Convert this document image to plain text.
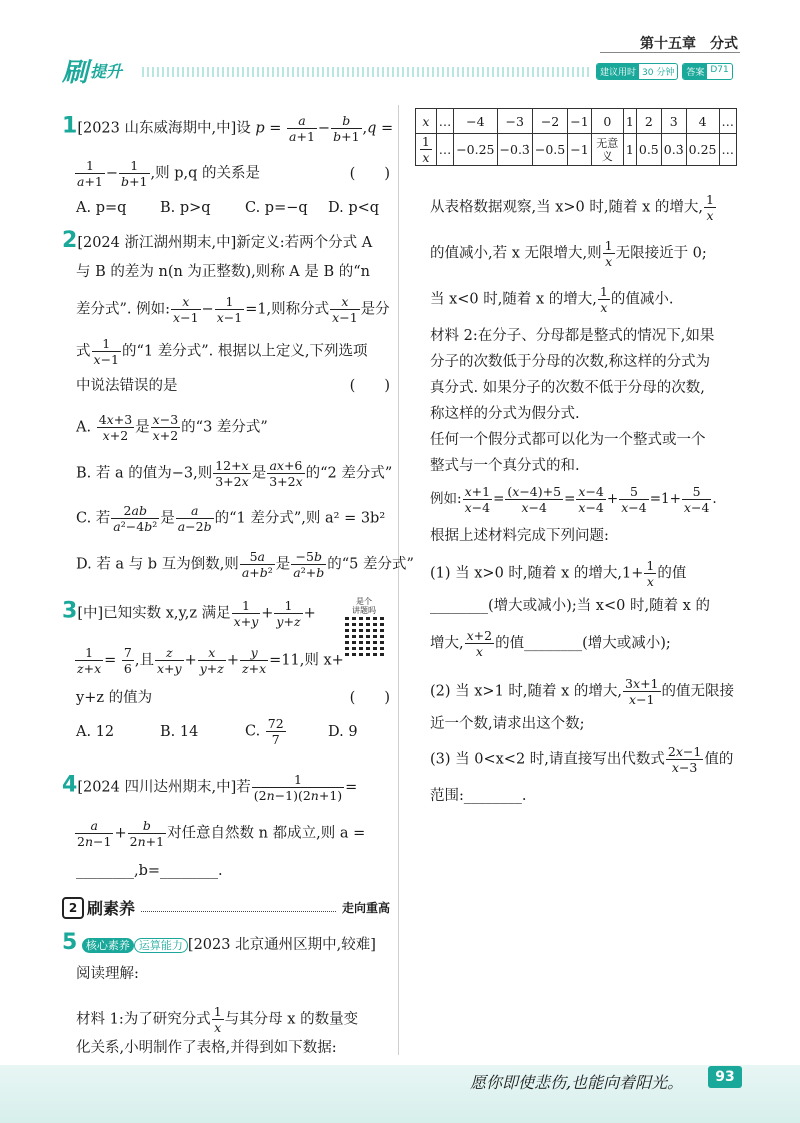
第十五章　分式
刷 提升	建议用时 30 分钟	答案 D71
1[2023 山东威海期中,中]设 $p = \frac{a}{a+1} - \frac{b}{b+1} ,q$ =
$\frac{1}{a+1} - \frac{1}{b+1}$ ,则 p,q 的关系是	(　　)
A. p=q B. p>q C. p=−q D. p<q
2[2024 浙江湖州期末,中]新定义:若两个分式 A
与 B 的差为 n(n 为正整数),则称 A 是 B 的“n
差分式”. 例如: $\frac{x}{x-1} - \frac{1}{x-1} =1$,则称分式 $\frac{x}{x-1}$ 是分
式 $\frac{1}{x-1}$ 的“1 差分式”. 根据以上定义,下列选项
中说法错误的是	(　　)
A. $\frac{4x+3}{x+2}$ 是 $\frac{x-3}{x+2}$ 的“3 差分式”
B. 若 a 的值为−3,则 $\frac{12+x}{3+2x}$ 是 $\frac{ax+6}{3+2x}$ 的“2 差分式”
C. 若 $\frac{2ab}{\text{a²−4b²}}$ 是 $\frac{a}{a-2b}$ 的“1 差分式”,则 a² = 3b²
D. 若 a 与 b 互为倒数,则 $\frac{5a}{\text{a+b²}}$ 是 $\frac{-5b}{\text{a²+b}}$ 的“5 差分式”
3[中]已知实数 x,y,z 满足 $\frac{1}{x+y} + \frac{1}{y+z}$ +
是个
讲题吗
$\frac{1}{z+x} = \frac{7}{6}$ ,且 $\frac{z}{x+y} + \frac{x}{y+z} + \frac{y}{z+x} =11$,则 x+
y+z 的值为	(　　)
A. 12	B. 14	C. $\frac{72}{7}$	D. 9
4[2024 四川达州期末,中]若 $\frac{1}{(2n-1)(2n+1)}$ =
$\frac{a}{2n-1} + \frac{b}{2n+1}$ 对任意自然数 n 都成立,则 a =
________,b=________.
2 刷素养	走向重高
5 核心素养 运算能力 [2023 北京通州区期中,较难]
阅读理解:
材料 1:为了研究分式 $\frac{1}{x}$ 与其分母 x 的数量变
化关系,小明制作了表格,并得到如下数据:
x	…	−4	−3	−2	−1	0	1	2	3	4	…

$\frac{1}{x}$	…	−0.25	−0.3̇	−0.5	−1	无意义	1	0.5	0.3̇	0.25	…
从表格数据观察,当 x>0 时,随着 x 的增大, $\frac{1}{x}$
的值减小,若 x 无限增大,则 $\frac{1}{x}$ 无限接近于 0;
当 x<0 时,随着 x 的增大, $\frac{1}{x}$ 的值减小.
材料 2:在分子、分母都是整式的情况下,如果
分子的次数低于分母的次数,称这样的分式为
真分式. 如果分子的次数不低于分母的次数,
称这样的分式为假分式.
任何一个假分式都可以化为一个整式或一个
整式与一个真分式的和.
例如: $\frac{x+1}{x-4} = \frac{(x-4)+5}{x-4} = \frac{x-4}{x-4} + \frac{5}{x-4} =1+ \frac{5}{x-4}$ .
根据上述材料完成下列问题:
(1) 当 x>0 时,随着 x 的增大$,1+ \frac{1}{x}$ 的值
________(增大或减小);当 x<0 时,随着 x 的
增大, $\frac{x+2}{x}$ 的值________(增大或减小);
(2) 当 x>1 时,随着 x 的增大, $\frac{3x+1}{x-1}$ 的值无限接
近一个数,请求出这个数;
(3) 当 0<x<2 时,请直接写出代数式 $\frac{2x-1}{x-3}$ 值的
范围:________.
愿你即使悲伤,也能向着阳光。	93
